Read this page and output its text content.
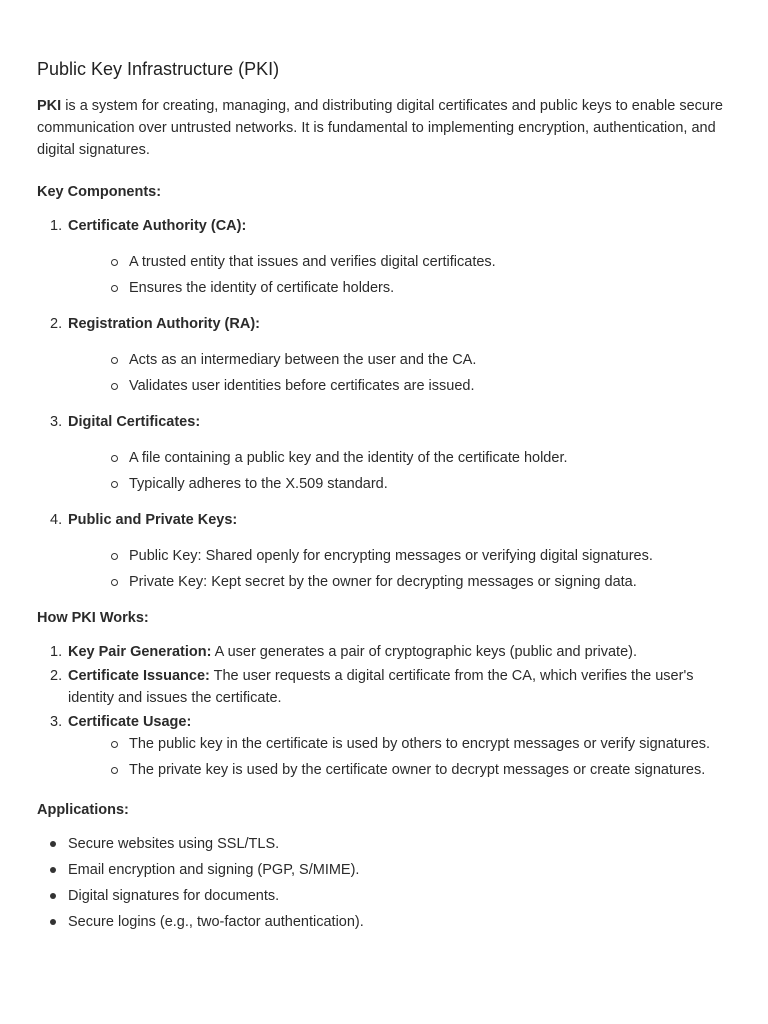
Public Key Infrastructure (PKI)

PKI is a system for creating, managing, and distributing digital certificates and public keys to enable secure communication over untrusted networks. It is fundamental to implementing encryption, authentication, and digital signatures.

Key Components:

1. Certificate Authority (CA):
A trusted entity that issues and verifies digital certificates.
Ensures the identity of certificate holders.
2. Registration Authority (RA):
Acts as an intermediary between the user and the CA.
Validates user identities before certificates are issued.
3. Digital Certificates:
A file containing a public key and the identity of the certificate holder.
Typically adheres to the X.509 standard.
4. Public and Private Keys:
Public Key: Shared openly for encrypting messages or verifying digital signatures.
Private Key: Kept secret by the owner for decrypting messages or signing data.

How PKI Works:

1. Key Pair Generation: A user generates a pair of cryptographic keys (public and private).
2. Certificate Issuance: The user requests a digital certificate from the CA, which verifies the user's identity and issues the certificate.
3. Certificate Usage:
The public key in the certificate is used by others to encrypt messages or verify signatures.
The private key is used by the certificate owner to decrypt messages or create signatures.

Applications:

Secure websites using SSL/TLS.
Email encryption and signing (PGP, S/MIME).
Digital signatures for documents.
Secure logins (e.g., two-factor authentication).
